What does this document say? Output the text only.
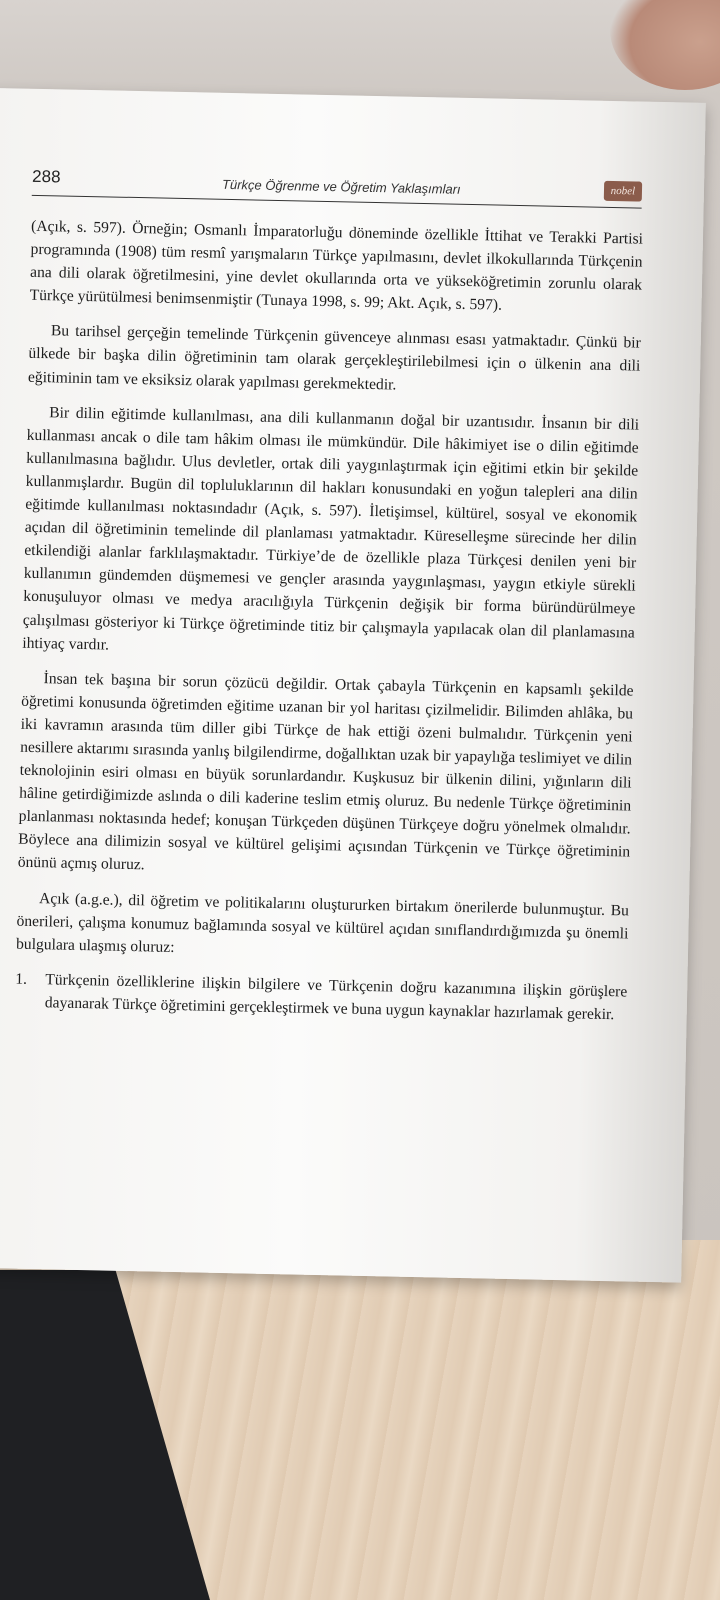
288
Türkçe Öğrenme ve Öğretim Yaklaşımları	nobel

(Açık, s. 597). Örneğin; Osmanlı İmparatorluğu döneminde özellikle İttihat ve Terakki Partisi programında (1908) tüm resmî yarışmaların Türkçe yapılmasını, devlet ilkokullarında Türkçenin ana dili olarak öğretilmesini, yine devlet okullarında orta ve yükseköğretimin zorunlu olarak Türkçe yürütülmesi benimsenmiştir (Tunaya 1998, s. 99; Akt. Açık, s. 597).

Bu tarihsel gerçeğin temelinde Türkçenin güvenceye alınması esası yatmaktadır. Çünkü bir ülkede bir başka dilin öğretiminin tam olarak gerçekleştirilebilmesi için o ülkenin ana dili eğitiminin tam ve eksiksiz olarak yapılması gerekmektedir.

Bir dilin eğitimde kullanılması, ana dili kullanmanın doğal bir uzantısıdır. İnsanın bir dili kullanması ancak o dile tam hâkim olması ile mümkündür. Dile hâkimiyet ise o dilin eğitimde kullanılmasına bağlıdır. Ulus devletler, ortak dili yaygınlaştırmak için eğitimi etkin bir şekilde kullanmışlardır. Bugün dil topluluklarının dil hakları konusundaki en yoğun talepleri ana dilin eğitimde kullanılması noktasındadır (Açık, s. 597). İletişimsel, kültürel, sosyal ve ekonomik açıdan dil öğretiminin temelinde dil planlaması yatmaktadır. Küreselleşme sürecinde her dilin etkilendiği alanlar farklılaşmaktadır. Türkiye’de de özellikle plaza Türkçesi denilen yeni bir kullanımın gündemden düşmemesi ve gençler arasında yaygınlaşması, yaygın etkiyle sürekli konuşuluyor olması ve medya aracılığıyla Türkçenin değişik bir forma büründürülmeye çalışılması gösteriyor ki Türkçe öğretiminde titiz bir çalışmayla yapılacak olan dil planlamasına ihtiyaç vardır.

İnsan tek başına bir sorun çözücü değildir. Ortak çabayla Türkçenin en kapsamlı şekilde öğretimi konusunda öğretimden eğitime uzanan bir yol haritası çizilmelidir. Bilimden ahlâka, bu iki kavramın arasında tüm diller gibi Türkçe de hak ettiği özeni bulmalıdır. Türkçenin yeni nesillere aktarımı sırasında yanlış bilgilendirme, doğallıktan uzak bir yapaylığa teslimiyet ve dilin teknolojinin esiri olması en büyük sorunlardandır. Kuşkusuz bir ülkenin dilini, yığınların dili hâline getirdiğimizde aslında o dili kaderine teslim etmiş oluruz. Bu nedenle Türkçe öğretiminin planlanması noktasında hedef; konuşan Türkçeden düşünen Türkçeye doğru yönelmek olmalıdır. Böylece ana dilimizin sosyal ve kültürel gelişimi açısından Türkçenin ve Türkçe öğretiminin önünü açmış oluruz.

Açık (a.g.e.), dil öğretim ve politikalarını oluştururken birtakım önerilerde bulunmuştur. Bu önerileri, çalışma konumuz bağlamında sosyal ve kültürel açıdan sınıflandırdığımızda şu önemli bulgulara ulaşmış oluruz:

1.	Türkçenin özelliklerine ilişkin bilgilere ve Türkçenin doğru kazanımına ilişkin görüşlere dayanarak Türkçe öğretimini gerçekleştirmek ve buna uygun kaynaklar hazırlamak gerekir.
